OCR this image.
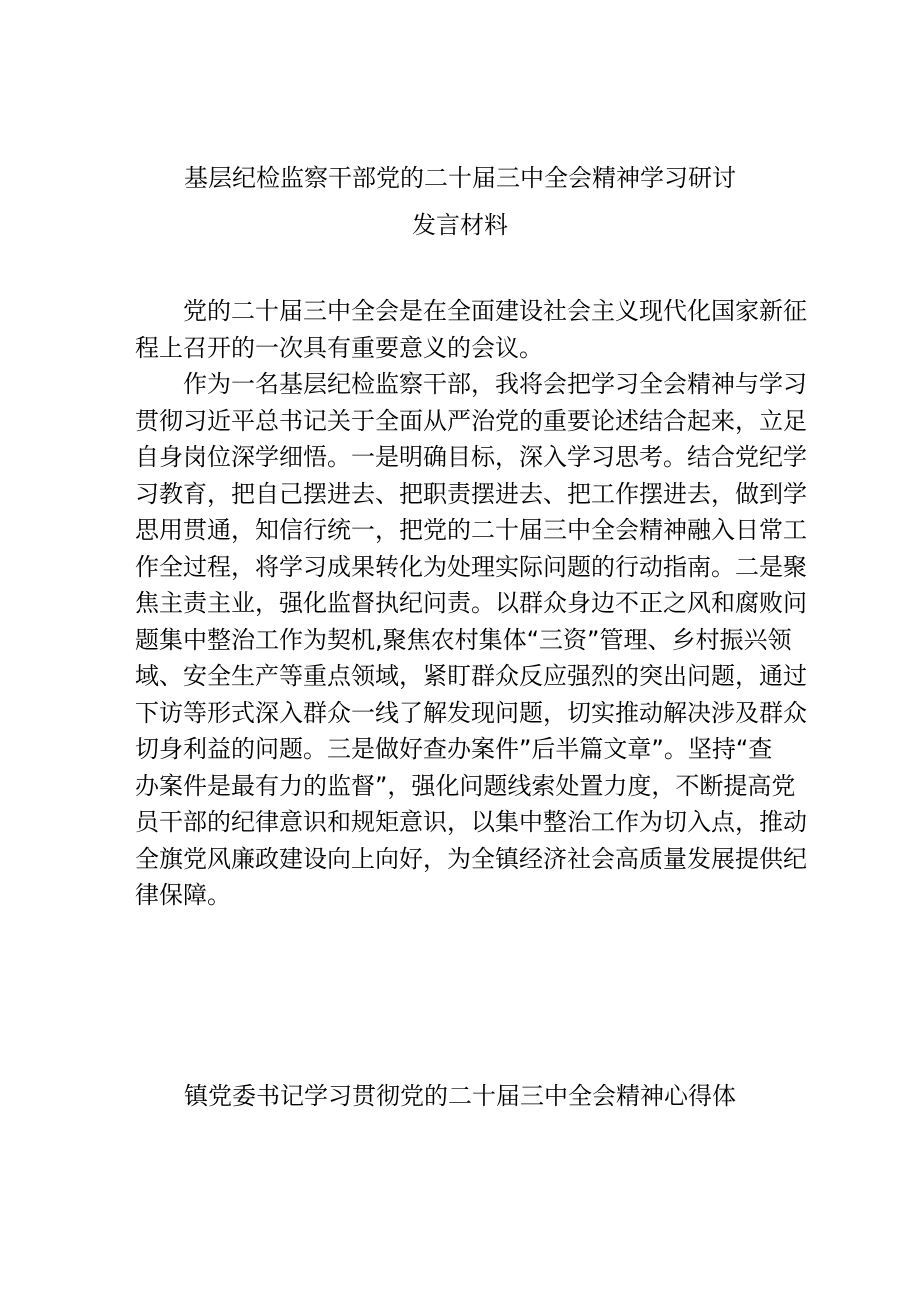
基层纪检监察干部党的二十届三中全会精神学习研讨
发言材料
党的二十届三中全会是在全面建设社会主义现代化国家新征
程上召开的一次具有重要意义的会议。
作为一名基层纪检监察干部，我将会把学习全会精神与学习
贯彻习近平总书记关于全面从严治党的重要论述结合起来，立足
自身岗位深学细悟。一是明确目标，深入学习思考。结合党纪学
习教育，把自己摆进去、把职责摆进去、把工作摆进去，做到学
思用贯通，知信行统一，把党的二十届三中全会精神融入日常工
作全过程，将学习成果转化为处理实际问题的行动指南。二是聚
焦主责主业，强化监督执纪问责。以群众身边不正之风和腐败问
题集中整治工作为契机,聚焦农村集体“三资”管理、乡村振兴领
域、安全生产等重点领域，紧盯群众反应强烈的突出问题，通过
下访等形式深入群众一线了解发现问题，切实推动解决涉及群众
切身利益的问题。三是做好查办案件”后半篇文章”。坚持“查
办案件是最有力的监督”，强化问题线索处置力度，不断提高党
员干部的纪律意识和规矩意识，以集中整治工作为切入点，推动
全旗党风廉政建设向上向好，为全镇经济社会高质量发展提供纪
律保障。
镇党委书记学习贯彻党的二十届三中全会精神心得体
